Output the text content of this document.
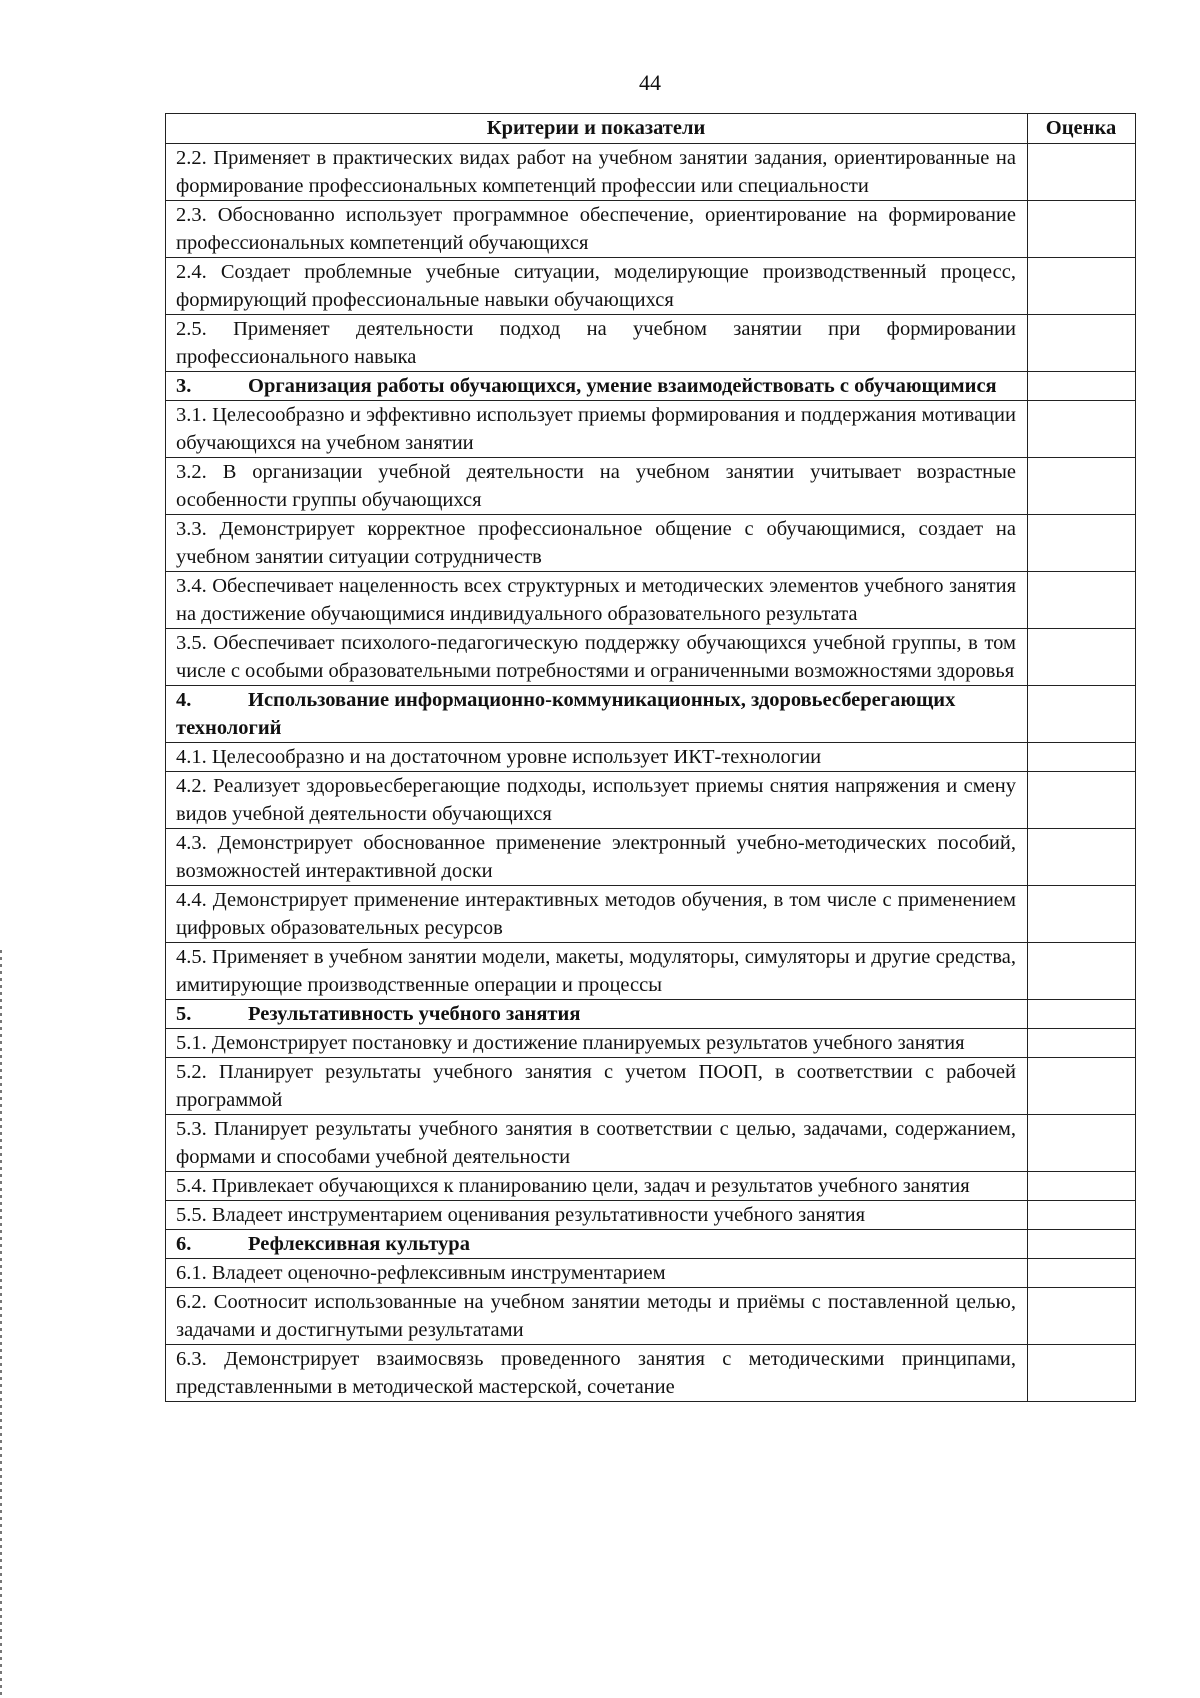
44
Критерии и показатели	Оценка
2.2. Применяет в практических видах работ на учебном занятии задания, ориентированные на формирование профессиональных компетенций профессии или специальности	
2.3. Обоснованно использует программное обеспечение, ориентирование на формирование профессиональных компетенций обучающихся	
2.4. Создает проблемные учебные ситуации, моделирующие производственный процесс, формирующий профессиональные навыки обучающихся	
2.5. Применяет деятельности подход на учебном занятии при формировании профессионального навыка	
3. Организация работы обучающихся, умение взаимодействовать с обучающимися	
3.1. Целесообразно и эффективно использует приемы формирования и поддержания мотивации обучающихся на учебном занятии	
3.2. В организации учебной деятельности на учебном занятии учитывает возрастные особенности группы обучающихся	
3.3. Демонстрирует корректное профессиональное общение с обучающимися, создает на учебном занятии ситуации сотрудничеств	
3.4. Обеспечивает нацеленность всех структурных и методических элементов учебного занятия на достижение обучающимися индивидуального образовательного результата	
3.5. Обеспечивает психолого-педагогическую поддержку обучающихся учебной группы, в том числе с особыми образовательными потребностями и ограниченными возможностями здоровья	
4. Использование информационно-коммуникационных, здоровьесберегающих технологий	
4.1. Целесообразно и на достаточном уровне использует ИКТ-технологии	
4.2. Реализует здоровьесберегающие подходы, использует приемы снятия напряжения и смену видов учебной деятельности обучающихся	
4.3. Демонстрирует обоснованное применение электронный учебно-методических пособий, возможностей интерактивной доски	
4.4. Демонстрирует применение интерактивных методов обучения, в том числе с применением цифровых образовательных ресурсов	
4.5. Применяет в учебном занятии модели, макеты, модуляторы, симуляторы и другие средства, имитирующие производственные операции и процессы	
5. Результативность учебного занятия	
5.1. Демонстрирует постановку и достижение планируемых результатов учебного занятия	
5.2. Планирует результаты учебного занятия с учетом ПООП, в соответствии с рабочей программой	
5.3. Планирует результаты учебного занятия в соответствии с целью, задачами, содержанием, формами и способами учебной деятельности	
5.4. Привлекает обучающихся к планированию цели, задач и результатов учебного занятия	
5.5. Владеет инструментарием оценивания результативности учебного занятия	
6. Рефлексивная культура	
6.1. Владеет оценочно-рефлексивным инструментарием	
6.2. Соотносит использованные на учебном занятии методы и приёмы с поставленной целью, задачами и достигнутыми результатами	
6.3. Демонстрирует взаимосвязь проведенного занятия с методическими принципами, представленными в методической мастерской, сочетание	
